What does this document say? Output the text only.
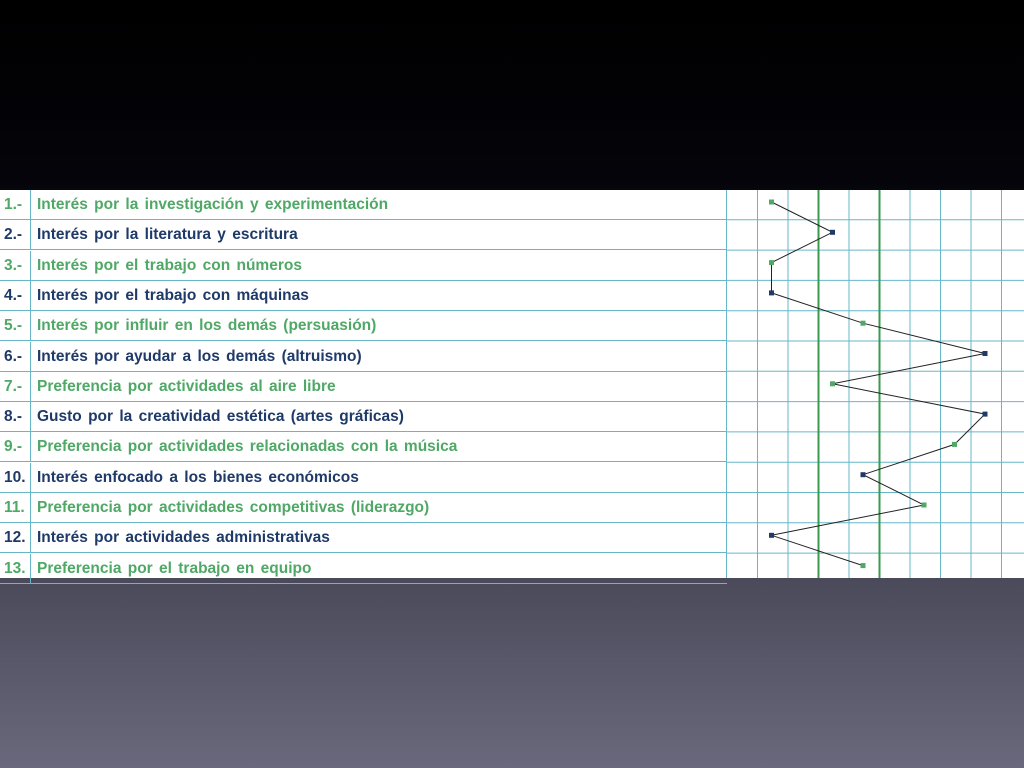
1.- Interés por la investigación y experimentación
2.- Interés por la literatura y escritura
3.- Interés por el trabajo con números
4.- Interés por el trabajo con máquinas
5.- Interés por influir en los demás (persuasión)
6.- Interés por ayudar a los demás (altruismo)
7.- Preferencia por actividades al aire libre
8.- Gusto por la creatividad estética (artes gráficas)
9.- Preferencia por actividades relacionadas con la música
10. Interés enfocado a los bienes económicos
11. Preferencia por actividades competitivas (liderazgo)
12. Interés por actividades administrativas
13. Preferencia por el trabajo en equipo
